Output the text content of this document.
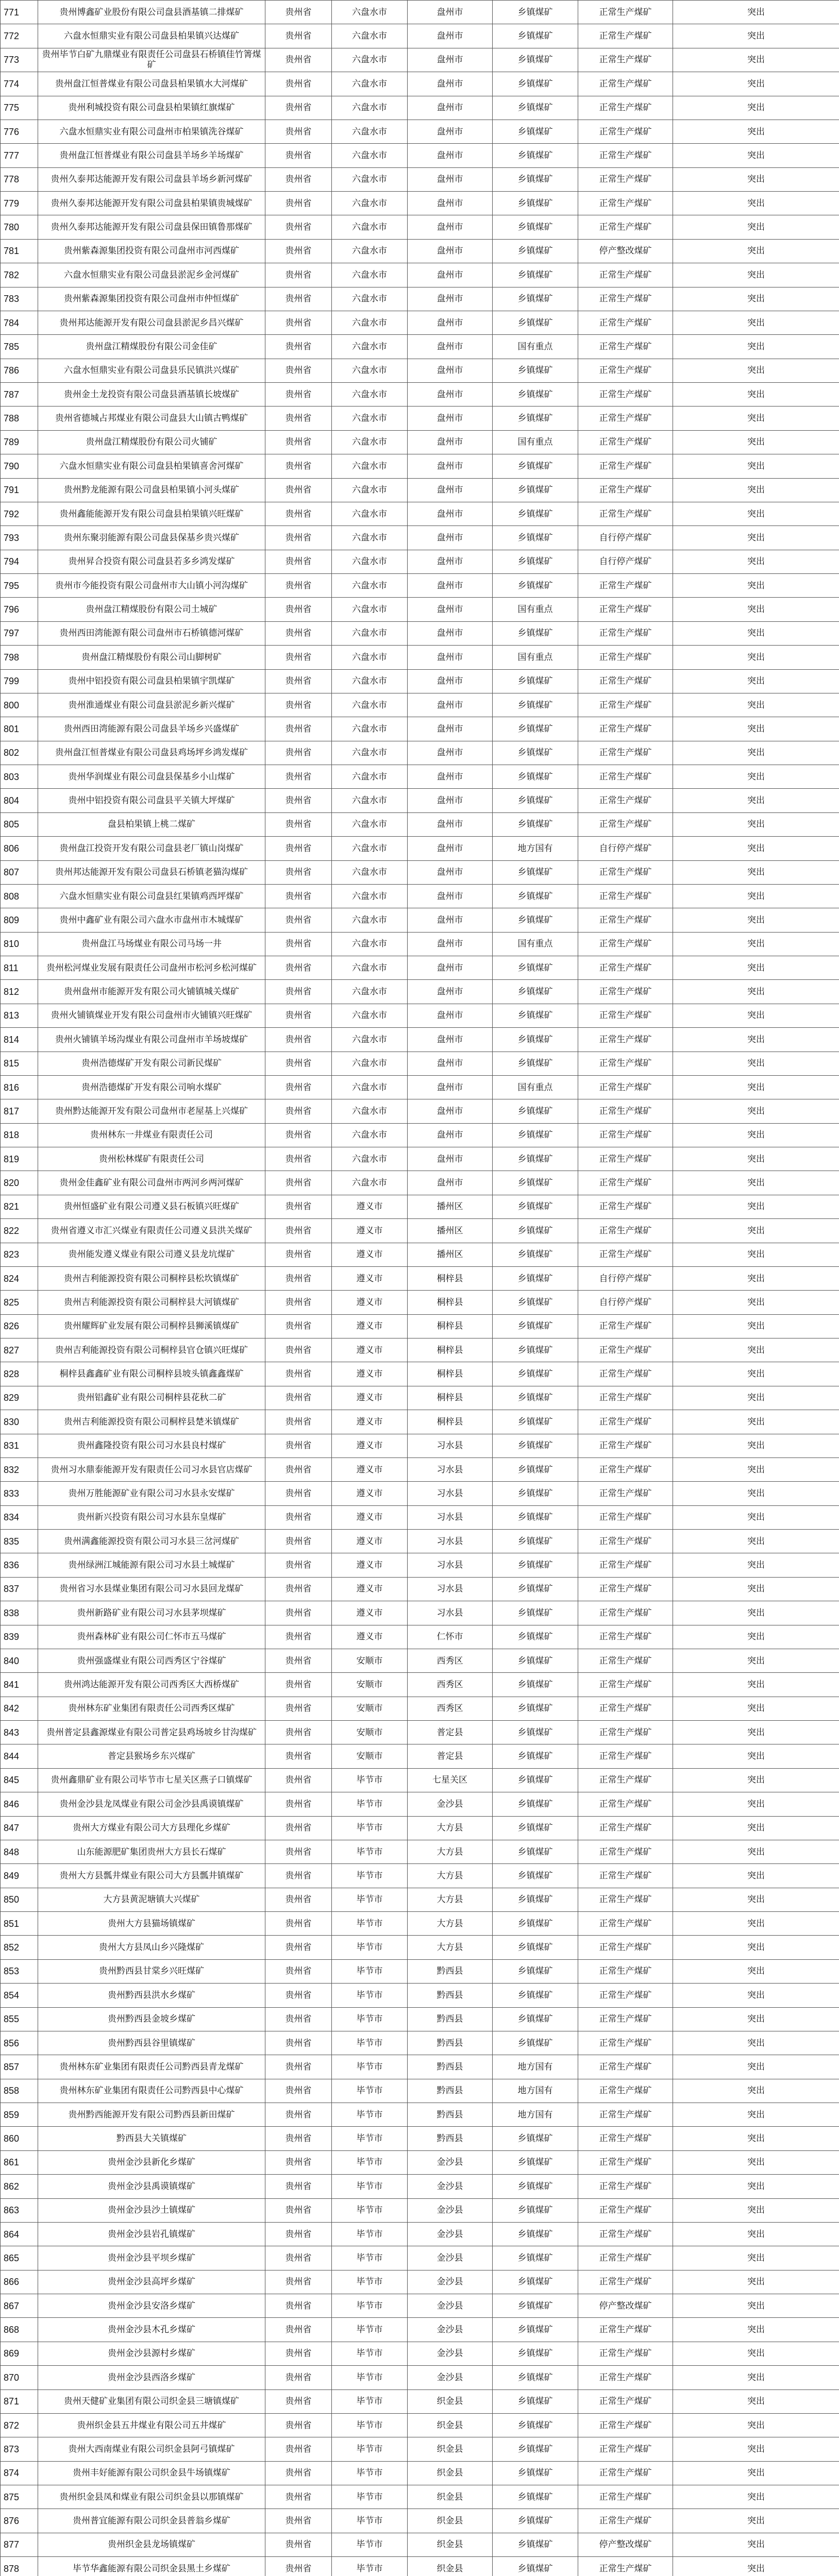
771	贵州博鑫矿业股份有限公司盘县酒基镇二排煤矿	贵州省	六盘水市	盘州市	乡镇煤矿	正常生产煤矿	突出

772	六盘水恒鼎实业有限公司盘县柏果镇兴达煤矿	贵州省	六盘水市	盘州市	乡镇煤矿	正常生产煤矿	突出

773	贵州毕节白矿九鼎煤业有限责任公司盘县石桥镇佳竹箐煤矿	贵州省	六盘水市	盘州市	乡镇煤矿	正常生产煤矿	突出

774	贵州盘江恒普煤业有限公司盘县柏果镇水大河煤矿	贵州省	六盘水市	盘州市	乡镇煤矿	正常生产煤矿	突出

775	贵州利城投资有限公司盘县柏果镇红旗煤矿	贵州省	六盘水市	盘州市	乡镇煤矿	正常生产煤矿	突出

776	六盘水恒鼎实业有限公司盘州市柏果镇洗谷煤矿	贵州省	六盘水市	盘州市	乡镇煤矿	正常生产煤矿	突出

777	贵州盘江恒普煤业有限公司盘县羊场乡羊场煤矿	贵州省	六盘水市	盘州市	乡镇煤矿	正常生产煤矿	突出

778	贵州久泰邦达能源开发有限公司盘县羊场乡新河煤矿	贵州省	六盘水市	盘州市	乡镇煤矿	正常生产煤矿	突出

779	贵州久泰邦达能源开发有限公司盘县柏果镇贵城煤矿	贵州省	六盘水市	盘州市	乡镇煤矿	正常生产煤矿	突出

780	贵州久泰邦达能源开发有限公司盘县保田镇鲁那煤矿	贵州省	六盘水市	盘州市	乡镇煤矿	正常生产煤矿	突出

781	贵州紫森源集团投资有限公司盘州市河西煤矿	贵州省	六盘水市	盘州市	乡镇煤矿	停产整改煤矿	突出

782	六盘水恒鼎实业有限公司盘县淤泥乡金河煤矿	贵州省	六盘水市	盘州市	乡镇煤矿	正常生产煤矿	突出

783	贵州紫森源集团投资有限公司盘州市仲恒煤矿	贵州省	六盘水市	盘州市	乡镇煤矿	正常生产煤矿	突出

784	贵州邦达能源开发有限公司盘县淤泥乡昌兴煤矿	贵州省	六盘水市	盘州市	乡镇煤矿	正常生产煤矿	突出

785	贵州盘江精煤股份有限公司金佳矿	贵州省	六盘水市	盘州市	国有重点	正常生产煤矿	突出

786	六盘水恒鼎实业有限公司盘县乐民镇洪兴煤矿	贵州省	六盘水市	盘州市	乡镇煤矿	正常生产煤矿	突出

787	贵州金土龙投资有限公司盘县酒基镇长坡煤矿	贵州省	六盘水市	盘州市	乡镇煤矿	正常生产煤矿	突出

788	贵州省德城占邦煤业有限公司盘县大山镇古鸭煤矿	贵州省	六盘水市	盘州市	乡镇煤矿	正常生产煤矿	突出

789	贵州盘江精煤股份有限公司火铺矿	贵州省	六盘水市	盘州市	国有重点	正常生产煤矿	突出

790	六盘水恒鼎实业有限公司盘县柏果镇喜舍河煤矿	贵州省	六盘水市	盘州市	乡镇煤矿	正常生产煤矿	突出

791	贵州黔龙能源有限公司盘县柏果镇小河头煤矿	贵州省	六盘水市	盘州市	乡镇煤矿	正常生产煤矿	突出

792	贵州鑫能能源开发有限公司盘县柏果镇兴旺煤矿	贵州省	六盘水市	盘州市	乡镇煤矿	正常生产煤矿	突出

793	贵州东聚羽能源有限公司盘县保基乡贵兴煤矿	贵州省	六盘水市	盘州市	乡镇煤矿	自行停产煤矿	突出

794	贵州昇合投资有限公司盘县若多乡鸿发煤矿	贵州省	六盘水市	盘州市	乡镇煤矿	自行停产煤矿	突出

795	贵州市今能投资有限公司盘州市大山镇小河沟煤矿	贵州省	六盘水市	盘州市	乡镇煤矿	正常生产煤矿	突出

796	贵州盘江精煤股份有限公司土城矿	贵州省	六盘水市	盘州市	国有重点	正常生产煤矿	突出

797	贵州西田湾能源有限公司盘州市石桥镇德河煤矿	贵州省	六盘水市	盘州市	乡镇煤矿	正常生产煤矿	突出

798	贵州盘江精煤股份有限公司山脚树矿	贵州省	六盘水市	盘州市	国有重点	正常生产煤矿	突出

799	贵州中铝投资有限公司盘县柏果镇宇凯煤矿	贵州省	六盘水市	盘州市	乡镇煤矿	正常生产煤矿	突出

800	贵州淮通煤业有限公司盘县淤泥乡新兴煤矿	贵州省	六盘水市	盘州市	乡镇煤矿	正常生产煤矿	突出

801	贵州西田湾能源有限公司盘县羊场乡兴盛煤矿	贵州省	六盘水市	盘州市	乡镇煤矿	正常生产煤矿	突出

802	贵州盘江恒普煤业有限公司盘县鸡场坪乡鸿发煤矿	贵州省	六盘水市	盘州市	乡镇煤矿	正常生产煤矿	突出

803	贵州华润煤业有限公司盘县保基乡小山煤矿	贵州省	六盘水市	盘州市	乡镇煤矿	正常生产煤矿	突出

804	贵州中铝投资有限公司盘县平关镇大坪煤矿	贵州省	六盘水市	盘州市	乡镇煤矿	正常生产煤矿	突出

805	盘县柏果镇上桃二煤矿	贵州省	六盘水市	盘州市	乡镇煤矿	正常生产煤矿	突出

806	贵州盘江投资开发有限公司盘县老厂镇山岗煤矿	贵州省	六盘水市	盘州市	地方国有	自行停产煤矿	突出

807	贵州邦达能源开发有限公司盘县石桥镇老猫沟煤矿	贵州省	六盘水市	盘州市	乡镇煤矿	正常生产煤矿	突出

808	六盘水恒鼎实业有限公司盘县红果镇鸡西坪煤矿	贵州省	六盘水市	盘州市	乡镇煤矿	正常生产煤矿	突出

809	贵州中鑫矿业有限公司六盘水市盘州市木城煤矿	贵州省	六盘水市	盘州市	乡镇煤矿	正常生产煤矿	突出

810	贵州盘江马场煤业有限公司马场一井	贵州省	六盘水市	盘州市	国有重点	正常生产煤矿	突出

811	贵州松河煤业发展有限责任公司盘州市松河乡松河煤矿	贵州省	六盘水市	盘州市	乡镇煤矿	正常生产煤矿	突出

812	贵州盘州市能源开发有限公司火铺镇城关煤矿	贵州省	六盘水市	盘州市	乡镇煤矿	正常生产煤矿	突出

813	贵州火铺镇煤业开发有限公司盘州市火铺镇兴旺煤矿	贵州省	六盘水市	盘州市	乡镇煤矿	正常生产煤矿	突出

814	贵州火铺镇羊场沟煤业有限公司盘州市羊场坡煤矿	贵州省	六盘水市	盘州市	乡镇煤矿	正常生产煤矿	突出

815	贵州浩德煤矿开发有限公司新民煤矿	贵州省	六盘水市	盘州市	乡镇煤矿	正常生产煤矿	突出

816	贵州浩德煤矿开发有限公司响水煤矿	贵州省	六盘水市	盘州市	国有重点	正常生产煤矿	突出

817	贵州黔达能源开发有限公司盘州市老屋基上兴煤矿	贵州省	六盘水市	盘州市	乡镇煤矿	正常生产煤矿	突出

818	贵州林东一井煤业有限责任公司	贵州省	六盘水市	盘州市	乡镇煤矿	正常生产煤矿	突出

819	贵州松林煤矿有限责任公司	贵州省	六盘水市	盘州市	乡镇煤矿	正常生产煤矿	突出

820	贵州金佳鑫矿业有限公司盘州市两河乡两河煤矿	贵州省	六盘水市	盘州市	乡镇煤矿	正常生产煤矿	突出

821	贵州恒盛矿业有限公司遵义县石板镇兴旺煤矿	贵州省	遵义市	播州区	乡镇煤矿	正常生产煤矿	突出

822	贵州省遵义市汇兴煤业有限责任公司遵义县洪关煤矿	贵州省	遵义市	播州区	乡镇煤矿	正常生产煤矿	突出

823	贵州能发遵义煤业有限公司遵义县龙坑煤矿	贵州省	遵义市	播州区	乡镇煤矿	正常生产煤矿	突出

824	贵州吉利能源投资有限公司桐梓县松坎镇煤矿	贵州省	遵义市	桐梓县	乡镇煤矿	自行停产煤矿	突出

825	贵州吉利能源投资有限公司桐梓县大河镇煤矿	贵州省	遵义市	桐梓县	乡镇煤矿	自行停产煤矿	突出

826	贵州耀辉矿业发展有限公司桐梓县狮溪镇煤矿	贵州省	遵义市	桐梓县	乡镇煤矿	正常生产煤矿	突出

827	贵州吉利能源投资有限公司桐梓县官仓镇兴旺煤矿	贵州省	遵义市	桐梓县	乡镇煤矿	正常生产煤矿	突出

828	桐梓县鑫鑫矿业有限公司桐梓县坡头镇鑫鑫煤矿	贵州省	遵义市	桐梓县	乡镇煤矿	正常生产煤矿	突出

829	贵州铝鑫矿业有限公司桐梓县花秋二矿	贵州省	遵义市	桐梓县	乡镇煤矿	正常生产煤矿	突出

830	贵州吉利能源投资有限公司桐梓县楚米镇煤矿	贵州省	遵义市	桐梓县	乡镇煤矿	正常生产煤矿	突出

831	贵州鑫隆投资有限公司习水县良村煤矿	贵州省	遵义市	习水县	乡镇煤矿	正常生产煤矿	突出

832	贵州习水鼎泰能源开发有限责任公司习水县官店煤矿	贵州省	遵义市	习水县	乡镇煤矿	正常生产煤矿	突出

833	贵州万胜能源矿业有限公司习水县永安煤矿	贵州省	遵义市	习水县	乡镇煤矿	正常生产煤矿	突出

834	贵州新兴投资有限公司习水县东皇煤矿	贵州省	遵义市	习水县	乡镇煤矿	正常生产煤矿	突出

835	贵州满鑫能源投资有限公司习水县三岔河煤矿	贵州省	遵义市	习水县	乡镇煤矿	正常生产煤矿	突出

836	贵州绿洲江城能源有限公司习水县土城煤矿	贵州省	遵义市	习水县	乡镇煤矿	正常生产煤矿	突出

837	贵州省习水县煤业集团有限公司习水县回龙煤矿	贵州省	遵义市	习水县	乡镇煤矿	正常生产煤矿	突出

838	贵州新路矿业有限公司习水县茅坝煤矿	贵州省	遵义市	习水县	乡镇煤矿	正常生产煤矿	突出

839	贵州森林矿业有限公司仁怀市五马煤矿	贵州省	遵义市	仁怀市	乡镇煤矿	正常生产煤矿	突出

840	贵州强盛煤业有限公司西秀区宁谷煤矿	贵州省	安顺市	西秀区	乡镇煤矿	正常生产煤矿	突出

841	贵州鸿达能源开发有限公司西秀区大西桥煤矿	贵州省	安顺市	西秀区	乡镇煤矿	正常生产煤矿	突出

842	贵州林东矿业集团有限责任公司西秀区煤矿	贵州省	安顺市	西秀区	乡镇煤矿	正常生产煤矿	突出

843	贵州普定县鑫源煤业有限公司普定县鸡场坡乡甘沟煤矿	贵州省	安顺市	普定县	乡镇煤矿	正常生产煤矿	突出

844	普定县猴场乡东兴煤矿	贵州省	安顺市	普定县	乡镇煤矿	正常生产煤矿	突出

845	贵州鑫鼎矿业有限公司毕节市七星关区燕子口镇煤矿	贵州省	毕节市	七星关区	乡镇煤矿	正常生产煤矿	突出

846	贵州金沙县龙凤煤业有限公司金沙县禹谟镇煤矿	贵州省	毕节市	金沙县	乡镇煤矿	正常生产煤矿	突出

847	贵州大方煤业有限公司大方县理化乡煤矿	贵州省	毕节市	大方县	乡镇煤矿	正常生产煤矿	突出

848	山东能源肥矿集团贵州大方县长石煤矿	贵州省	毕节市	大方县	乡镇煤矿	正常生产煤矿	突出

849	贵州大方县瓢井煤业有限公司大方县瓢井镇煤矿	贵州省	毕节市	大方县	乡镇煤矿	正常生产煤矿	突出

850	大方县黄泥塘镇大兴煤矿	贵州省	毕节市	大方县	乡镇煤矿	正常生产煤矿	突出

851	贵州大方县猫场镇煤矿	贵州省	毕节市	大方县	乡镇煤矿	正常生产煤矿	突出

852	贵州大方县凤山乡兴隆煤矿	贵州省	毕节市	大方县	乡镇煤矿	正常生产煤矿	突出

853	贵州黔西县甘棠乡兴旺煤矿	贵州省	毕节市	黔西县	乡镇煤矿	正常生产煤矿	突出

854	贵州黔西县洪水乡煤矿	贵州省	毕节市	黔西县	乡镇煤矿	正常生产煤矿	突出

855	贵州黔西县金坡乡煤矿	贵州省	毕节市	黔西县	乡镇煤矿	正常生产煤矿	突出

856	贵州黔西县谷里镇煤矿	贵州省	毕节市	黔西县	乡镇煤矿	正常生产煤矿	突出

857	贵州林东矿业集团有限责任公司黔西县青龙煤矿	贵州省	毕节市	黔西县	地方国有	正常生产煤矿	突出

858	贵州林东矿业集团有限责任公司黔西县中心煤矿	贵州省	毕节市	黔西县	地方国有	正常生产煤矿	突出

859	贵州黔西能源开发有限公司黔西县新田煤矿	贵州省	毕节市	黔西县	地方国有	正常生产煤矿	突出

860	黔西县大关镇煤矿	贵州省	毕节市	黔西县	乡镇煤矿	正常生产煤矿	突出

861	贵州金沙县新化乡煤矿	贵州省	毕节市	金沙县	乡镇煤矿	正常生产煤矿	突出

862	贵州金沙县禹谟镇煤矿	贵州省	毕节市	金沙县	乡镇煤矿	正常生产煤矿	突出

863	贵州金沙县沙土镇煤矿	贵州省	毕节市	金沙县	乡镇煤矿	正常生产煤矿	突出

864	贵州金沙县岩孔镇煤矿	贵州省	毕节市	金沙县	乡镇煤矿	正常生产煤矿	突出

865	贵州金沙县平坝乡煤矿	贵州省	毕节市	金沙县	乡镇煤矿	正常生产煤矿	突出

866	贵州金沙县高坪乡煤矿	贵州省	毕节市	金沙县	乡镇煤矿	正常生产煤矿	突出

867	贵州金沙县安洛乡煤矿	贵州省	毕节市	金沙县	乡镇煤矿	停产整改煤矿	突出

868	贵州金沙县木孔乡煤矿	贵州省	毕节市	金沙县	乡镇煤矿	正常生产煤矿	突出

869	贵州金沙县源村乡煤矿	贵州省	毕节市	金沙县	乡镇煤矿	正常生产煤矿	突出

870	贵州金沙县西洛乡煤矿	贵州省	毕节市	金沙县	乡镇煤矿	正常生产煤矿	突出

871	贵州天健矿业集团有限公司织金县三塘镇煤矿	贵州省	毕节市	织金县	乡镇煤矿	正常生产煤矿	突出

872	贵州织金县五井煤业有限公司五井煤矿	贵州省	毕节市	织金县	乡镇煤矿	正常生产煤矿	突出

873	贵州大西南煤业有限公司织金县阿弓镇煤矿	贵州省	毕节市	织金县	乡镇煤矿	正常生产煤矿	突出

874	贵州丰好能源有限公司织金县牛场镇煤矿	贵州省	毕节市	织金县	乡镇煤矿	正常生产煤矿	突出

875	贵州织金县凤和煤业有限公司织金县以那镇煤矿	贵州省	毕节市	织金县	乡镇煤矿	正常生产煤矿	突出

876	贵州普宜能源有限公司织金县普翁乡煤矿	贵州省	毕节市	织金县	乡镇煤矿	正常生产煤矿	突出

877	贵州织金县龙场镇煤矿	贵州省	毕节市	织金县	乡镇煤矿	停产整改煤矿	突出

878	毕节华鑫能源有限公司织金县黑土乡煤矿	贵州省	毕节市	织金县	乡镇煤矿	正常生产煤矿	突出
